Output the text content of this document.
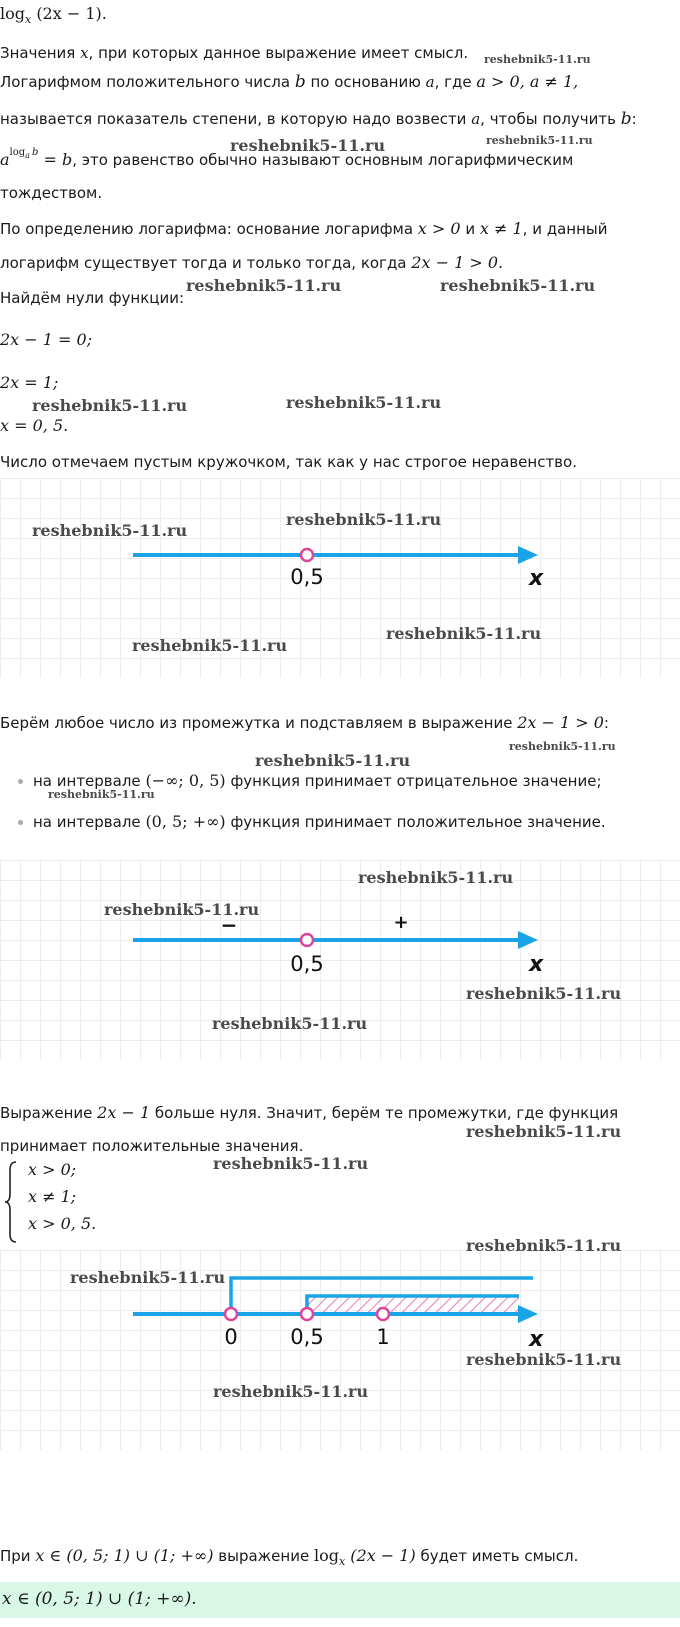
$\log_x (2x - 1)$.
Значения x, при которых данное выражение имеет смысл. reshebnik5-11.ru
Логарифмом положительного числа b по основанию a, где a > 0, a ≠ 1,
называется показатель степени, в которую надо возвести a, чтобы получить b:
reshebnik5-11.ru	reshebnik5-11.ru
$a^{log_a b} = b$, это равенство обычно называют основным логарифмическим
тождеством.
По определению логарифма: основание логарифма x > 0 и x ≠ 1, и данный
логарифм существует тогда и только тогда, когда 2x − 1 > 0.
Найдём нули функции:
reshebnik5-11.ru	reshebnik5-11.ru
2x − 1 = 0;
2x = 1;
reshebnik5-11.ru	reshebnik5-11.ru
x = 0, 5.
Число отмечаем пустым кружочком, так как у нас строгое неравенство.
0,5	x
reshebnik5-11.ru
reshebnik5-11.ru
reshebnik5-11.ru
reshebnik5-11.ru
Берём любое число из промежутка и подставляем в выражение 2x − 1 > 0:
reshebnik5-11.ru
reshebnik5-11.ru
на интервале (−∞; 0, 5) функция принимает отрицательное значение;
reshebnik5-11.ru
на интервале (0, 5; +∞) функция принимает положительное значение.
−	+
0,5	x
reshebnik5-11.ru
reshebnik5-11.ru
reshebnik5-11.ru
reshebnik5-11.ru
Выражение 2x − 1 больше нуля. Значит, берём те промежутки, где функция
reshebnik5-11.ru
принимает положительные значения.
reshebnik5-11.ru
x > 0;
x ≠ 1;
x > 0, 5.
0	0,5	1	x
reshebnik5-11.ru
reshebnik5-11.ru
reshebnik5-11.ru
reshebnik5-11.ru
При x ∈ (0, 5; 1) ∪ (1; +∞) выражение $\log_x (2x - 1)$ будет иметь смысл.
x ∈ (0, 5; 1) ∪ (1; +∞).
